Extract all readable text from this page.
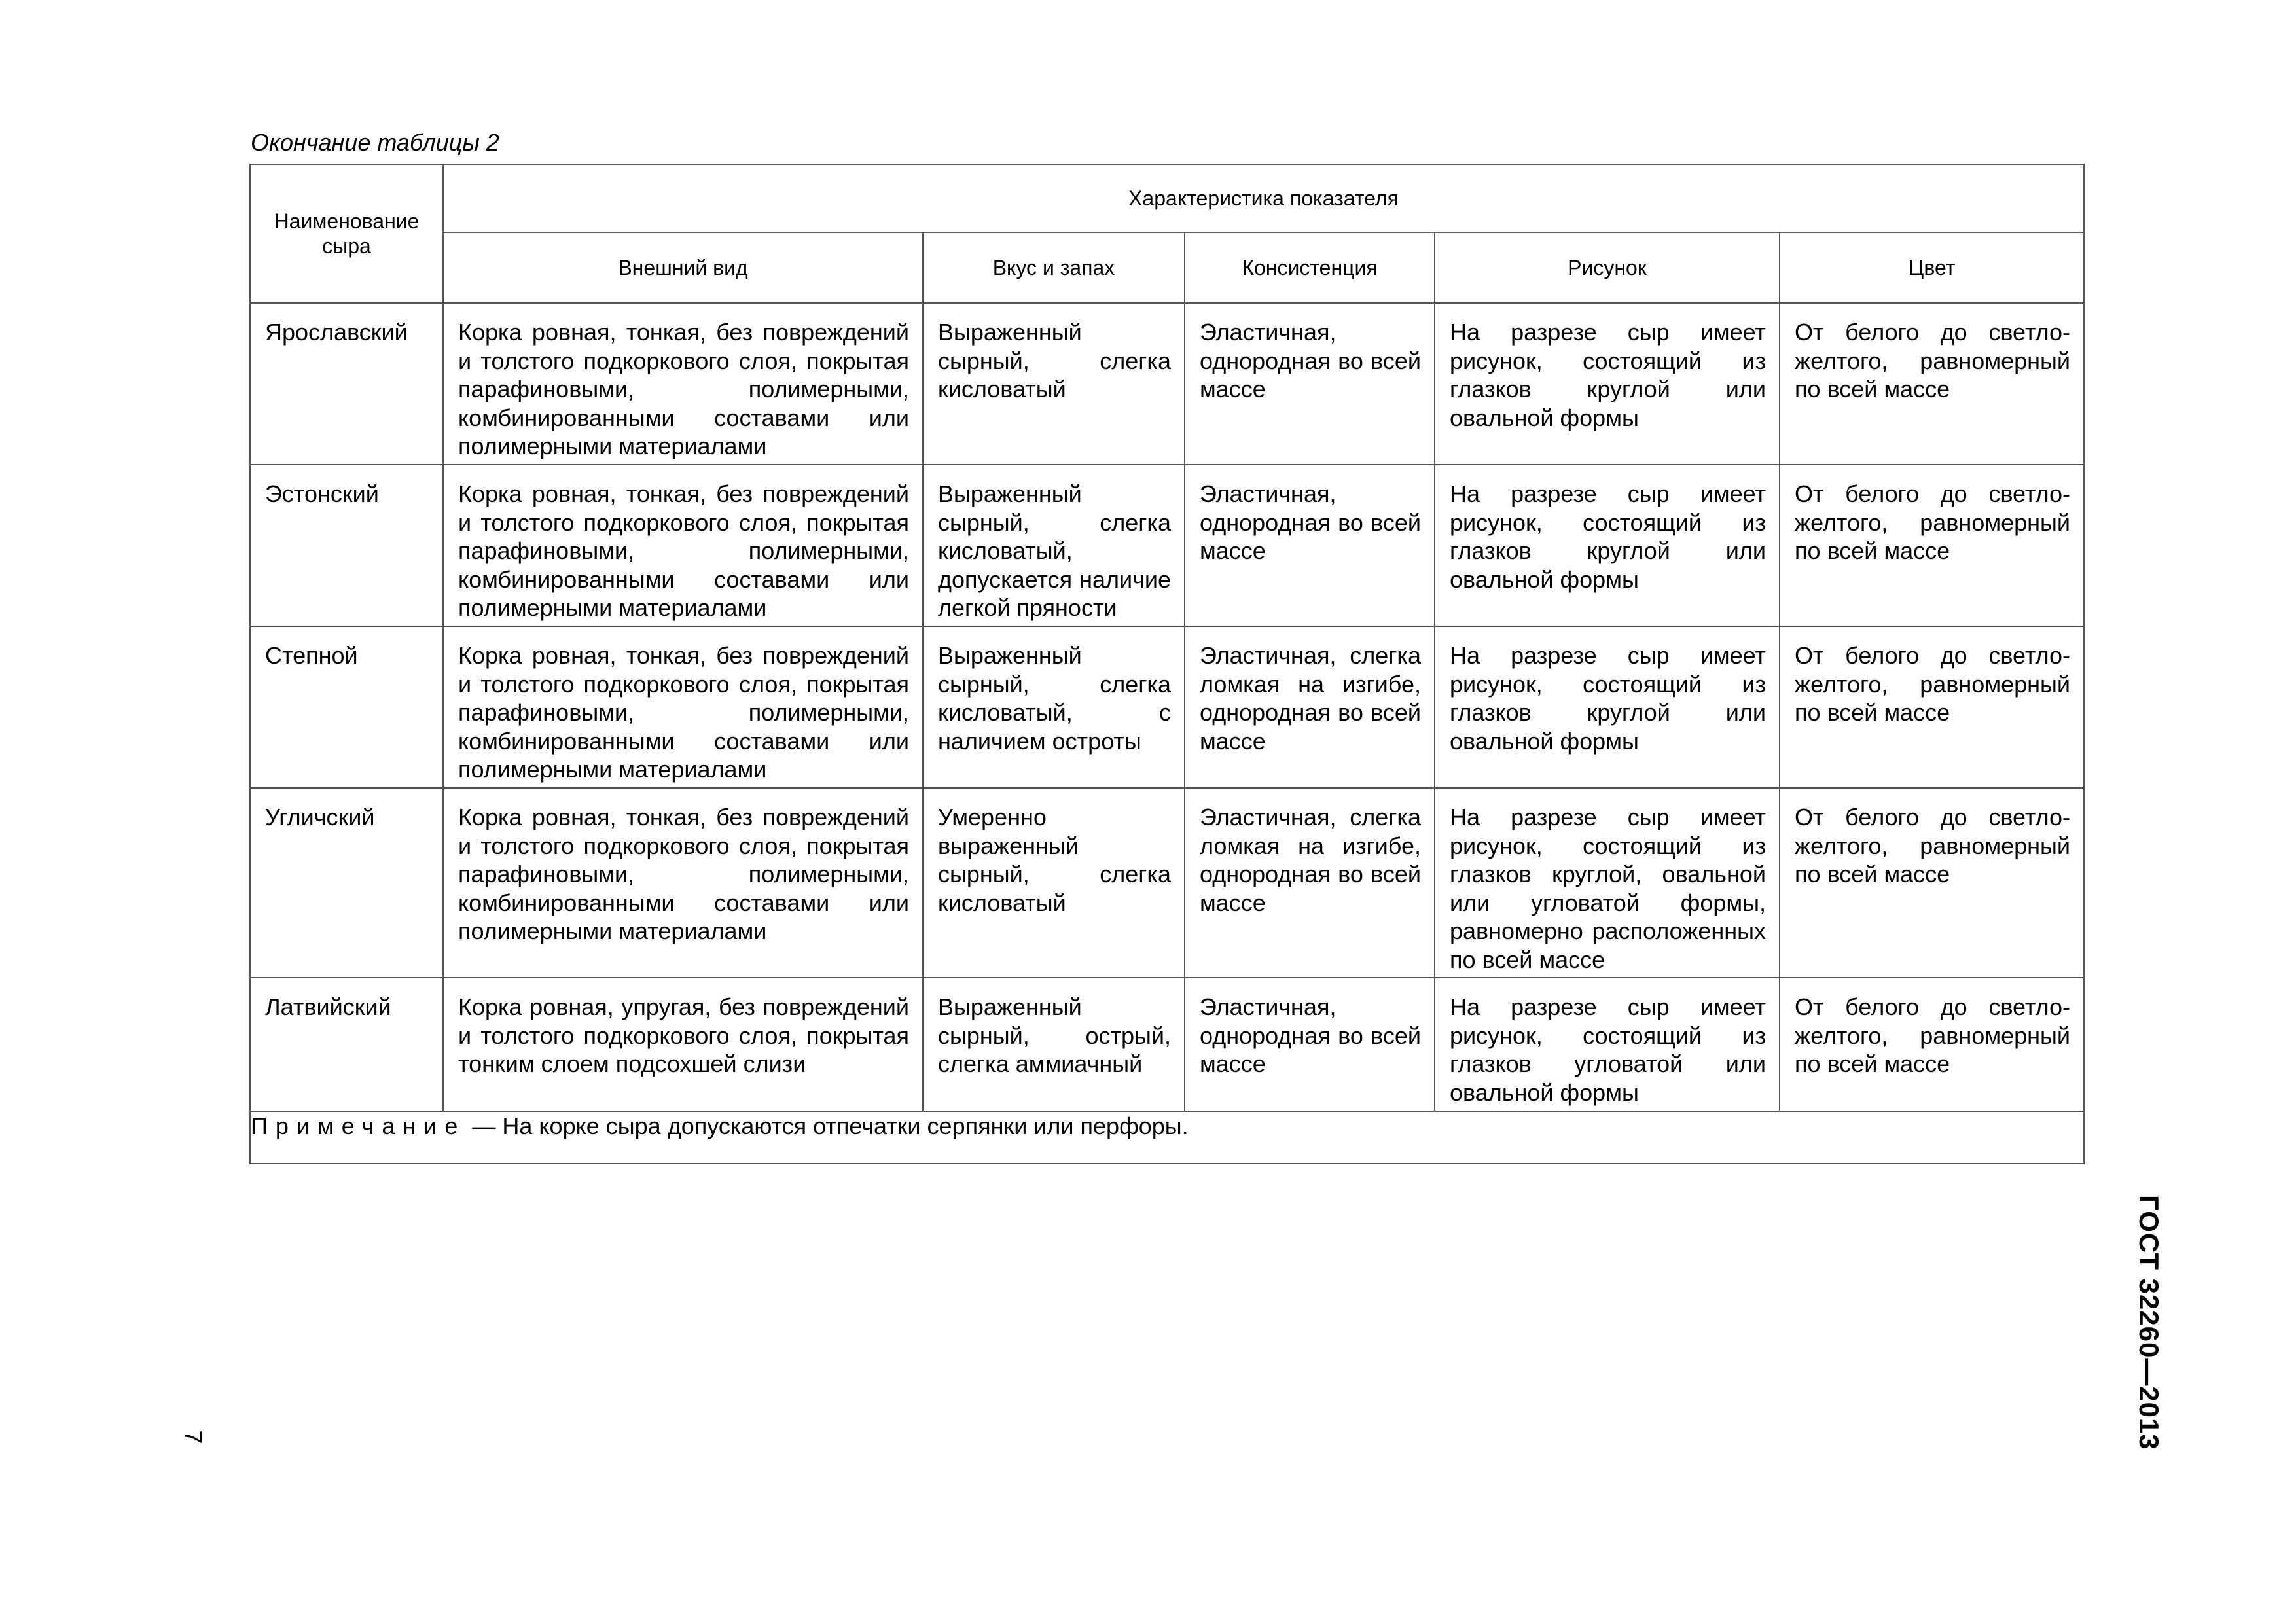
Окончание таблицы 2
Наименование сыра	Характеристика показателя				
	Внешний вид	Вкус и запах	Консистенция	Рисунок	Цвет

Ярославский	Корка ровная, тонкая, без повреждений и толстого подкоркового слоя, покрытая парафиновыми, полимерными, комбинированными составами или полимерными материалами	Выраженный сырный, слегка кисловатый	Эластичная, однородная во всей массе	На разрезе сыр имеет рисунок, состоящий из глазков круглой или овальной формы	От белого до светло-желтого, равномерный по всей массе

Эстонский	Корка ровная, тонкая, без повреждений и толстого подкоркового слоя, покрытая парафиновыми, полимерными, комбинированными составами или полимерными материалами	Выраженный сырный, слегка кисловатый, допускается наличие легкой пряности	Эластичная, однородная во всей массе	На разрезе сыр имеет рисунок, состоящий из глазков круглой или овальной формы	От белого до светло-желтого, равномерный по всей массе

Степной	Корка ровная, тонкая, без повреждений и толстого подкоркового слоя, покрытая парафиновыми, полимерными, комбинированными составами или полимерными материалами	Выраженный сырный, слегка кисловатый, с наличием остроты	Эластичная, слегка ломкая на изгибе, однородная во всей массе	На разрезе сыр имеет рисунок, состоящий из глазков круглой или овальной формы	От белого до светло-желтого, равномерный по всей массе

Угличский	Корка ровная, тонкая, без повреждений и толстого подкоркового слоя, покрытая парафиновыми, полимерными, комбинированными составами или полимерными материалами	Умеренно выраженный сырный, слегка кисловатый	Эластичная, слегка ломкая на изгибе, однородная во всей массе	На разрезе сыр имеет рисунок, состоящий из глазков круглой, овальной или угловатой формы, равномерно расположенных по всей массе	От белого до светло-желтого, равномерный по всей массе

Латвийский	Корка ровная, упругая, без повреждений и толстого подкоркового слоя, покрытая тонким слоем подсохшей слизи	Выраженный сырный, острый, слегка аммиачный	Эластичная, однородная во всей массе	На разрезе сыр имеет рисунок, состоящий из глазков угловатой или овальной формы	От белого до светло-желтого, равномерный по всей массе

Примечание — На корке сыра допускаются отпечатки серпянки или перфоры.					
ГОСТ 32260—2013
7
